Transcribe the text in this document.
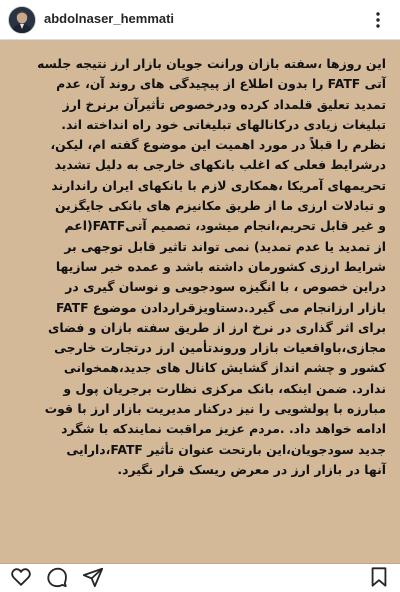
abdolnaser_hemmati

این روزها ،سفته بازان ورانت جویان بازار ارز نتیجه جلسه
آتی FATF را بدون اطلاع از پیچیدگی های روند آن، عدم
تمدید تعلیق قلمداد کرده ودرخصوص تأثیرآن برنرخ ارز
تبلیغات زیادی درکانالهای تبلیغاتی خود راه انداخته اند.
نظرم را قبلاً در مورد اهمیت این موضوع گفته ام، لیکن،
درشرایط فعلی که اغلب بانکهای خارجی به دلیل تشدید
تحریمهای آمریکا ،همکاری لازم با بانکهای ایران راندارند
و تبادلات ارزی ما از طریق مکانیزم های بانکی جایگزین
و غیر قابل تحریم،انجام میشود، تصمیم آتیFATF(اعم
از تمدید یا عدم تمدید) نمی تواند تاثیر قابل توجهی بر
شرایط ارزی کشورمان داشته باشد و عمده خبر سازیها
دراین خصوص ، با انگیزه سودجویی و نوسان گیری در
بازار ارزانجام می گیرد.دستاویزقراردادن موضوع FATF
برای اثر گذاری در نرخ ارز از طریق سفته بازان و فضای
مجازی،باواقعیات بازار وروندتأمین ارز درتجارت خارجی
کشور و چشم انداز گشایش کانال های جدید،همخوانی
ندارد. ضمن اینکه، بانک مرکزی نظارت برجریان پول و
مبارزه با پولشویی را نیز درکنار مدیریت بازار ارز با قوت
ادامه خواهد داد. .مردم عزیز مراقبت نمایندکه با شگرد
جدید سودجویان،این بارتحت عنوان تأثیر FATF،دارایی
آنها در بازار ارز در معرض ریسک قرار نگیرد.
